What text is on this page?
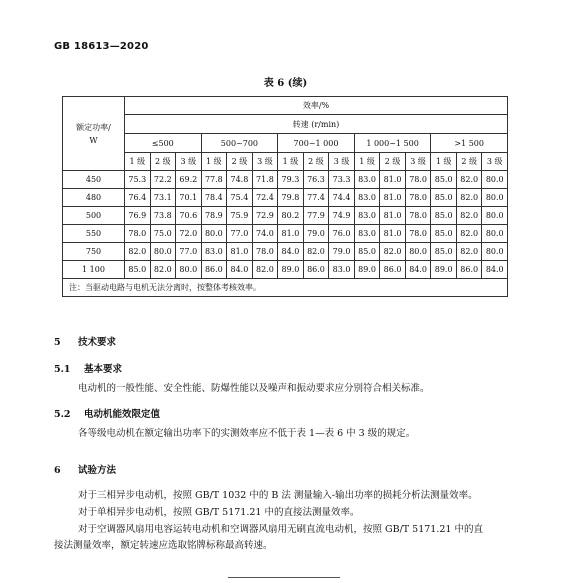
GB 18613—2020
表 6 (续)
额定功率/
W	效率/%														
	转速 (r/min)														
	≤500			500~700			700~1 000			1 000~1 500			>1 500		
	1 级	2 级	3 级	1 级	2 级	3 级	1 级	2 级	3 级	1 级	2 级	3 级	1 级	2 级	3 级
450	75.3	72.2	69.2	77.8	74.8	71.8	79.3	76.3	73.3	83.0	81.0	78.0	85.0	82.0	80.0
480	76.4	73.1	70.1	78.4	75.4	72.4	79.8	77.4	74.4	83.0	81.0	78.0	85.0	82.0	80.0
500	76.9	73.8	70.6	78.9	75.9	72.9	80.2	77.9	74.9	83.0	81.0	78.0	85.0	82.0	80.0
550	78.0	75.0	72.0	80.0	77.0	74.0	81.0	79.0	76.0	83.0	81.0	78.0	85.0	82.0	80.0
750	82.0	80.0	77.0	83.0	81.0	78.0	84.0	82.0	79.0	85.0	82.0	80.0	85.0	82.0	80.0
1 100	85.0	82.0	80.0	86.0	84.0	82.0	89.0	86.0	83.0	89.0	86.0	84.0	89.0	86.0	84.0
注：当驱动电路与电机无法分离时，按整体考核效率。															
5 技术要求
5.1 基本要求
电动机的一般性能、安全性能、防爆性能以及噪声和振动要求应分别符合相关标准。
5.2 电动机能效限定值
各等级电动机在额定输出功率下的实测效率应不低于表 1—表 6 中 3 级的规定。
6 试验方法
对于三相异步电动机，按照 GB/T 1032 中的 B 法 测量输入-输出功率的损耗分析法测量效率。
对于单相异步电动机，按照 GB/T 5171.21 中的直接法测量效率。
对于空调器风扇用电容运转电动机和空调器风扇用无刷直流电动机，按照 GB/T 5171.21 中的直
接法测量效率，额定转速应选取铭牌标称最高转速。
